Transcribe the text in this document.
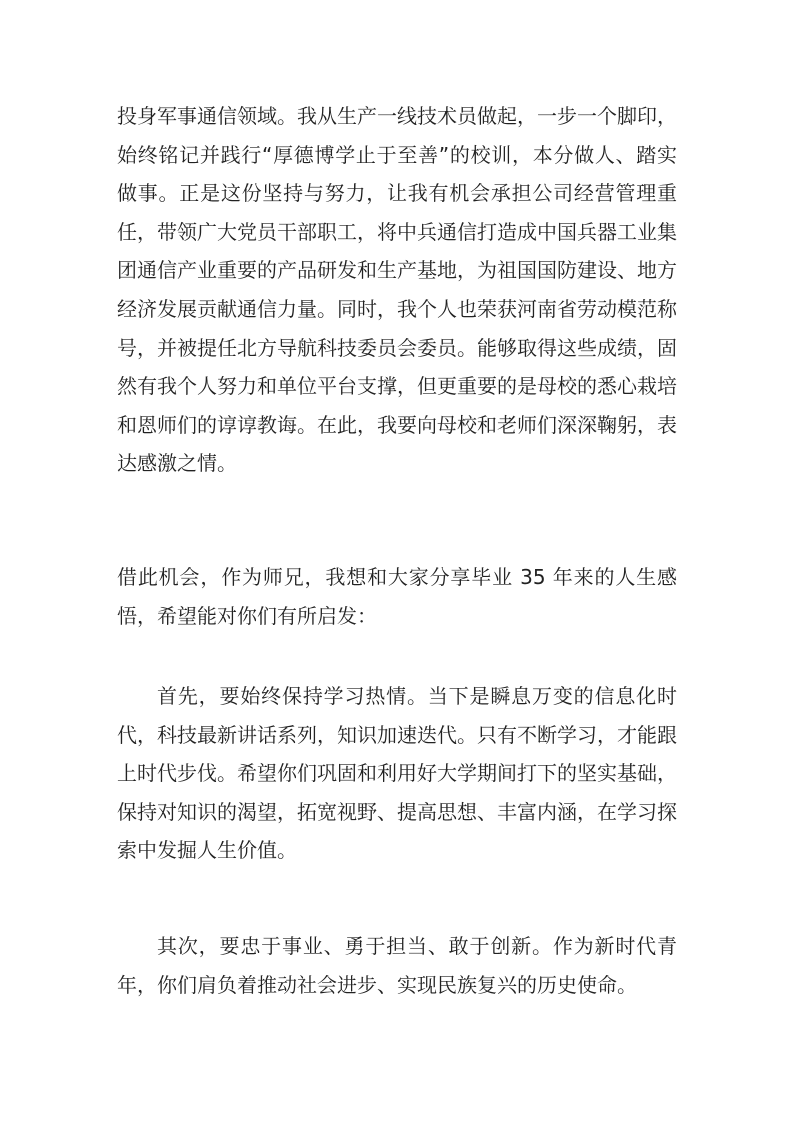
投身军事通信领域。我从生产一线技术员做起，一步一个脚印，始终铭记并践行“厚德博学止于至善”的校训，本分做人、踏实做事。正是这份坚持与努力，让我有机会承担公司经营管理重任，带领广大党员干部职工，将中兵通信打造成中国兵器工业集团通信产业重要的产品研发和生产基地，为祖国国防建设、地方经济发展贡献通信力量。同时，我个人也荣获河南省劳动模范称号，并被提任北方导航科技委员会委员。能够取得这些成绩，固然有我个人努力和单位平台支撑，但更重要的是母校的悉心栽培和恩师们的谆谆教诲。在此，我要向母校和老师们深深鞠躬，表达感激之情。

借此机会，作为师兄，我想和大家分享毕业 35 年来的人生感悟，希望能对你们有所启发：

首先，要始终保持学习热情。当下是瞬息万变的信息化时代，科技最新讲话系列，知识加速迭代。只有不断学习，才能跟上时代步伐。希望你们巩固和利用好大学期间打下的坚实基础，保持对知识的渴望，拓宽视野、提高思想、丰富内涵，在学习探索中发掘人生价值。

其次，要忠于事业、勇于担当、敢于创新。作为新时代青年，你们肩负着推动社会进步、实现民族复兴的历史使命。
